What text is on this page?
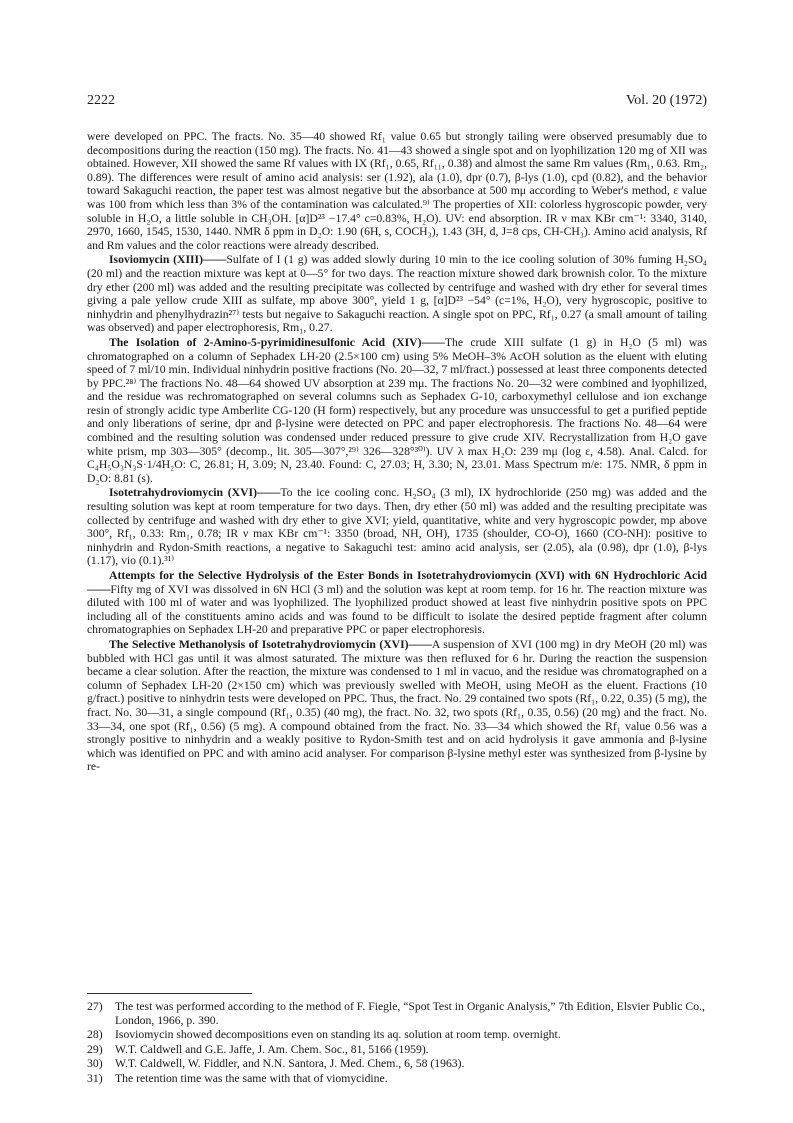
2222	Vol. 20 (1972)

were developed on PPC. The fracts. No. 35—40 showed Rf₁ value 0.65 but strongly tailing were observed presumably due to decompositions during the reaction (150 mg). The fracts. No. 41—43 showed a single spot and on lyophilization 120 mg of XII was obtained. However, XII showed the same Rf values with IX (Rf₁, 0.65, Rf₁₁, 0.38) and almost the same Rm values (Rm₁, 0.63. Rm₂, 0.89). The differences were result of amino acid analysis: ser (1.92), ala (1.0), dpr (0.7), β-lys (1.0), cpd (0.82), and the behavior toward Sakaguchi reaction, the paper test was almost negative but the absorbance at 500 mμ according to Weber's method, ε value was 100 from which less than 3% of the contamination was calculated.⁹⁾ The properties of XII: colorless hygroscopic powder, very soluble in H₂O, a little soluble in CH₃OH. [α]D²³ −17.4° c=0.83%, H₂O). UV: end absorption. IR ν max KBr cm⁻¹: 3340, 3140, 2970, 1660, 1545, 1530, 1440. NMR δ ppm in D₂O: 1.90 (6H, s, COCH₃), 1.43 (3H, d, J=8 cps, CH-CH₃). Amino acid analysis, Rf and Rm values and the color reactions were already described.

Isoviomycin (XIII)——Sulfate of I (1 g) was added slowly during 10 min to the ice cooling solution of 30% fuming H₂SO₄ (20 ml) and the reaction mixture was kept at 0—5° for two days. The reaction mixture showed dark brownish color. To the mixture dry ether (200 ml) was added and the resulting precipitate was collected by centrifuge and washed with dry ether for several times giving a pale yellow crude XIII as sulfate, mp above 300°, yield 1 g, [α]D²³ −54° (c=1%, H₂O), very hygroscopic, positive to ninhydrin and phenylhydrazin²⁷⁾ tests but negaive to Sakaguchi reaction. A single spot on PPC, Rf₁, 0.27 (a small amount of tailing was observed) and paper electrophoresis, Rm₁, 0.27.

The Isolation of 2-Amino-5-pyrimidinesulfonic Acid (XIV)——The crude XIII sulfate (1 g) in H₂O (5 ml) was chromatographed on a column of Sephadex LH-20 (2.5×100 cm) using 5% MeOH–3% AcOH solution as the eluent with eluting speed of 7 ml/10 min. Individual ninhydrin positive fractions (No. 20—32, 7 ml/fract.) possessed at least three components detected by PPC.²⁸⁾ The fractions No. 48—64 showed UV absorption at 239 mμ. The fractions No. 20—32 were combined and lyophilized, and the residue was rechromatographed on several columns such as Sephadex G-10, carboxymethyl cellulose and ion exchange resin of strongly acidic type Amberlite CG-120 (H form) respectively, but any procedure was unsuccessful to get a purified peptide and only liberations of serine, dpr and β-lysine were detected on PPC and paper electrophoresis. The fractions No. 48—64 were combined and the resulting solution was condensed under reduced pressure to give crude XIV. Recrystallization from H₂O gave white prism, mp 303—305° (decomp., lit. 305—307°,²⁹⁾ 326—328°³⁰⁾). UV λ max H₂O: 239 mμ (log ε, 4.58). Anal. Calcd. for C₄H₅O₃N₃S·1/4H₂O: C, 26.81; H, 3.09; N, 23.40. Found: C, 27.03; H, 3.30; N, 23.01. Mass Spectrum m/e: 175. NMR, δ ppm in D₂O: 8.81 (s).

Isotetrahydroviomycin (XVI)——To the ice cooling conc. H₂SO₄ (3 ml), IX hydrochloride (250 mg) was added and the resulting solution was kept at room temperature for two days. Then, dry ether (50 ml) was added and the resulting precipitate was collected by centrifuge and washed with dry ether to give XVI; yield, quantitative, white and very hygroscopic powder, mp above 300°, Rf₁, 0.33: Rm₁, 0.78; IR ν max KBr cm⁻¹: 3350 (broad, NH, OH), 1735 (shoulder, CO-O), 1660 (CO-NH): positive to ninhydrin and Rydon-Smith reactions, a negative to Sakaguchi test: amino acid analysis, ser (2.05), ala (0.98), dpr (1.0), β-lys (1.17), vio (0.1).³¹⁾

Attempts for the Selective Hydrolysis of the Ester Bonds in Isotetrahydroviomycin (XVI) with 6N Hydrochloric Acid——Fifty mg of XVI was dissolved in 6N HCl (3 ml) and the solution was kept at room temp. for 16 hr. The reaction mixture was diluted with 100 ml of water and was lyophilized. The lyophilized product showed at least five ninhydrin positive spots on PPC including all of the constituents amino acids and was found to be difficult to isolate the desired peptide fragment after column chromatographies on Sephadex LH-20 and preparative PPC or paper electrophoresis.

The Selective Methanolysis of Isotetrahydroviomycin (XVI)——A suspension of XVI (100 mg) in dry MeOH (20 ml) was bubbled with HCl gas until it was almost saturated. The mixture was then refluxed for 6 hr. During the reaction the suspension became a clear solution. After the reaction, the mixture was condensed to 1 ml in vacuo, and the residue was chromatographed on a column of Sephadex LH-20 (2×150 cm) which was previously swelled with MeOH, using MeOH as the eluent. Fractions (10 g/fract.) positive to ninhydrin tests were developed on PPC. Thus, the fract. No. 29 contained two spots (Rf₁, 0.22, 0.35) (5 mg), the fract. No. 30—31, a single compound (Rf₁, 0.35) (40 mg), the fract. No. 32, two spots (Rf₁, 0.35, 0.56) (20 mg) and the fract. No. 33—34, one spot (Rf₁, 0.56) (5 mg). A compound obtained from the fract. No. 33—34 which showed the Rf₁ value 0.56 was a strongly positive to ninhydrin and a weakly positive to Rydon-Smith test and on acid hydrolysis it gave ammonia and β-lysine which was identified on PPC and with amino acid analyser. For comparison β-lysine methyl ester was synthesized from β-lysine by re-

27) The test was performed according to the method of F. Fiegle, “Spot Test in Organic Analysis,” 7th Edition, Elsvier Public Co., London, 1966, p. 390.
28) Isoviomycin showed decompositions even on standing its aq. solution at room temp. overnight.
29) W.T. Caldwell and G.E. Jaffe, J. Am. Chem. Soc., 81, 5166 (1959).
30) W.T. Caldwell, W. Fiddler, and N.N. Santora, J. Med. Chem., 6, 58 (1963).
31) The retention time was the same with that of viomycidine.
